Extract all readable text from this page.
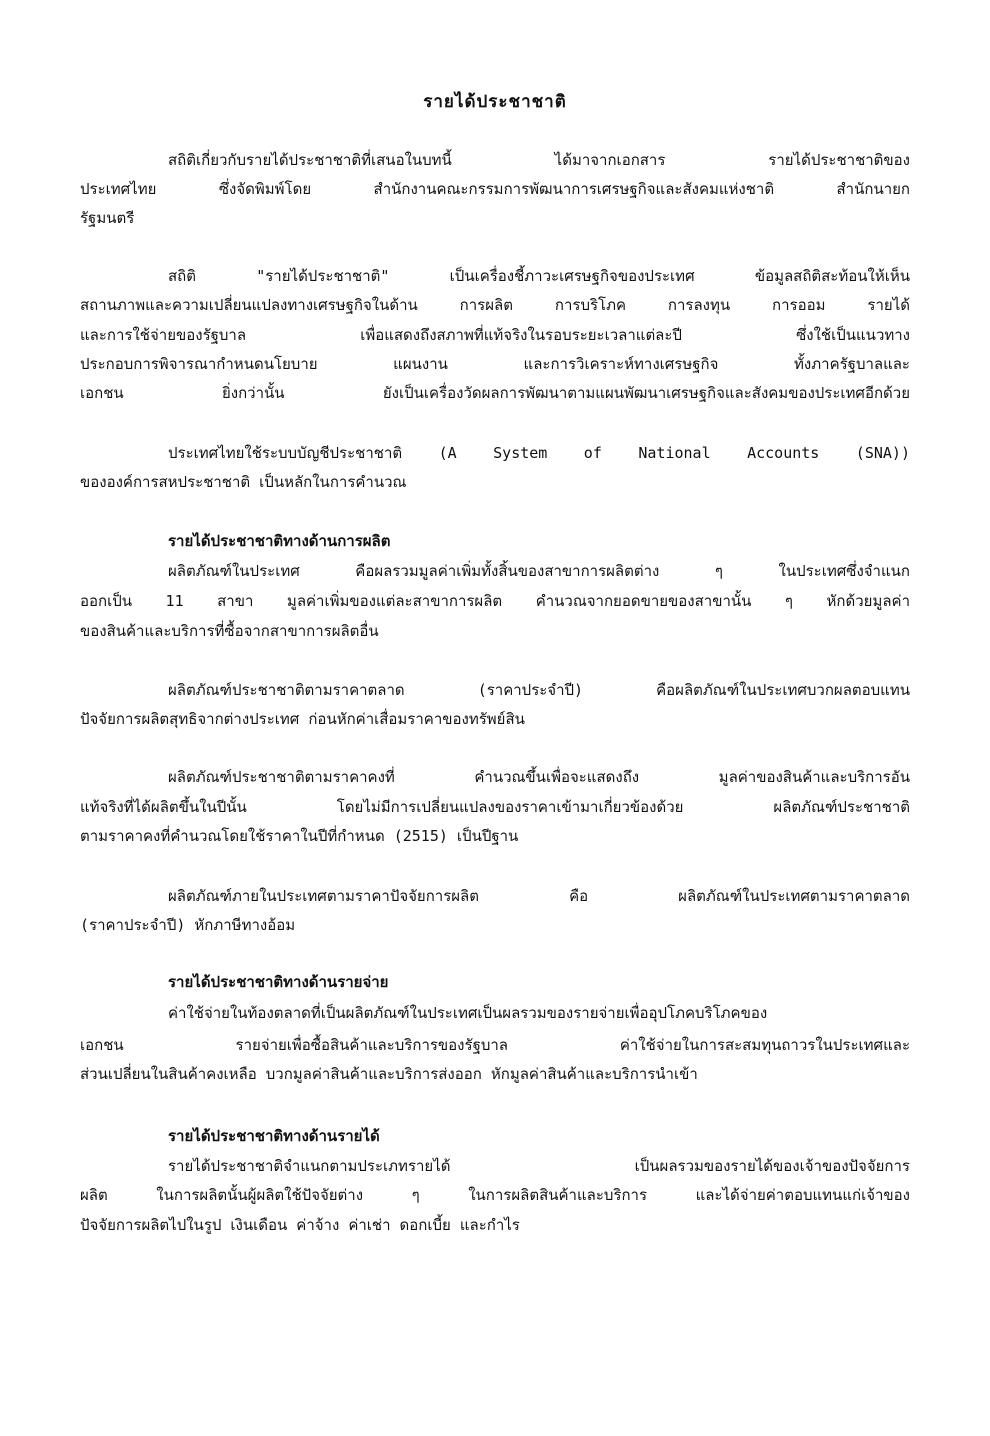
รายได้ประชาชาติ
สถิติเกี่ยวกับรายได้ประชาชาติที่เสนอในบทนี้ ได้มาจากเอกสาร รายได้ประชาชาติของ
ประเทศไทย ซึ่งจัดพิมพ์โดย สำนักงานคณะกรรมการพัฒนาการเศรษฐกิจและสังคมแห่งชาติ สำนักนายก
รัฐมนตรี
สถิติ "รายได้ประชาชาติ" เป็นเครื่องชี้ภาวะเศรษฐกิจของประเทศ ข้อมูลสถิติสะท้อนให้เห็น
สถานภาพและความเปลี่ยนแปลงทางเศรษฐกิจในด้าน การผลิต การบริโภค การลงทุน การออม รายได้
และการใช้จ่ายของรัฐบาล เพื่อแสดงถึงสภาพที่แท้จริงในรอบระยะเวลาแต่ละปี ซึ่งใช้เป็นแนวทาง
ประกอบการพิจารณากำหนดนโยบาย แผนงาน และการวิเคราะห์ทางเศรษฐกิจ ทั้งภาครัฐบาลและ
เอกชน ยิ่งกว่านั้น ยังเป็นเครื่องวัดผลการพัฒนาตามแผนพัฒนาเศรษฐกิจและสังคมของประเทศอีกด้วย
ประเทศไทยใช้ระบบบัญชีประชาชาติ (A System of National Accounts (SNA))
ขององค์การสหประชาชาติ เป็นหลักในการคำนวณ
รายได้ประชาชาติทางด้านการผลิต
ผลิตภัณฑ์ในประเทศ คือผลรวมมูลค่าเพิ่มทั้งสิ้นของสาขาการผลิตต่าง ๆ ในประเทศซึ่งจำแนก
ออกเป็น 11 สาขา มูลค่าเพิ่มของแต่ละสาขาการผลิต คำนวณจากยอดขายของสาขานั้น ๆ หักด้วยมูลค่า
ของสินค้าและบริการที่ซื้อจากสาขาการผลิตอื่น
ผลิตภัณฑ์ประชาชาติตามราคาตลาด (ราคาประจำปี) คือผลิตภัณฑ์ในประเทศบวกผลตอบแทน
ปัจจัยการผลิตสุทธิจากต่างประเทศ ก่อนหักค่าเสื่อมราคาของทรัพย์สิน
ผลิตภัณฑ์ประชาชาติตามราคาคงที่ คำนวณขึ้นเพื่อจะแสดงถึง มูลค่าของสินค้าและบริการอัน
แท้จริงที่ได้ผลิตขึ้นในปีนั้น โดยไม่มีการเปลี่ยนแปลงของราคาเข้ามาเกี่ยวข้องด้วย ผลิตภัณฑ์ประชาชาติ
ตามราคาคงที่คำนวณโดยใช้ราคาในปีที่กำหนด (2515) เป็นปีฐาน
ผลิตภัณฑ์ภายในประเทศตามราคาปัจจัยการผลิต คือ ผลิตภัณฑ์ในประเทศตามราคาตลาด
(ราคาประจำปี) หักภาษีทางอ้อม
รายได้ประชาชาติทางด้านรายจ่าย
ค่าใช้จ่ายในท้องตลาดที่เป็นผลิตภัณฑ์ในประเทศเป็นผลรวมของรายจ่ายเพื่ออุปโภคบริโภคของ
เอกชน รายจ่ายเพื่อซื้อสินค้าและบริการของรัฐบาล ค่าใช้จ่ายในการสะสมทุนถาวรในประเทศและ
ส่วนเปลี่ยนในสินค้าคงเหลือ บวกมูลค่าสินค้าและบริการส่งออก หักมูลค่าสินค้าและบริการนำเข้า
รายได้ประชาชาติทางด้านรายได้
รายได้ประชาชาติจำแนกตามประเภทรายได้ เป็นผลรวมของรายได้ของเจ้าของปัจจัยการ
ผลิต ในการผลิตนั้นผู้ผลิตใช้ปัจจัยต่าง ๆ ในการผลิตสินค้าและบริการ และได้จ่ายค่าตอบแทนแก่เจ้าของ
ปัจจัยการผลิตไปในรูป เงินเดือน ค่าจ้าง ค่าเช่า ดอกเบี้ย และกำไร
